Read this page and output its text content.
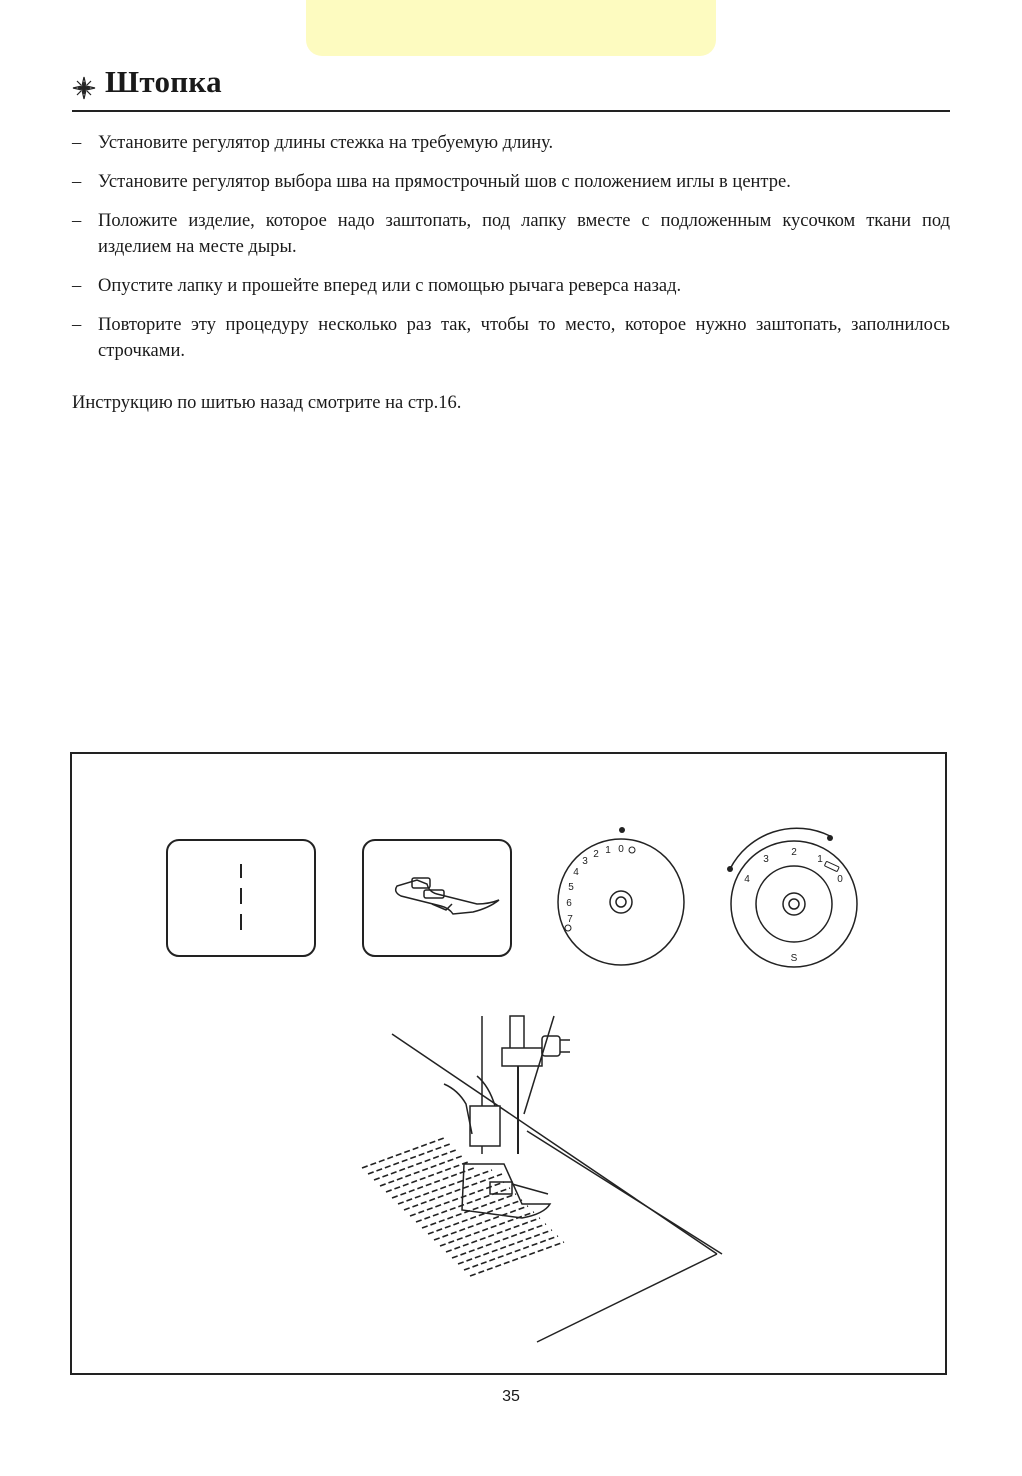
Штопка
– Установите регулятор длины стежка на требуемую длину.
– Установите регулятор выбора шва на прямострочный шов с положением иглы в центре.
– Положите изделие, которое надо заштопать, под лапку вместе с подложенным кусочком ткани под изделием на месте дыры.
– Опустите лапку и прошейте вперед или с помощью рычага реверса назад.
– Повторите эту процедуру несколько раз так, чтобы то место, которое нужно заштопать, заполнилось строчками.
Инструкцию по шитью назад смотрите на стр.16.
7
6
5
4
3
2 1 0
4
3
2
1
0
S
35
